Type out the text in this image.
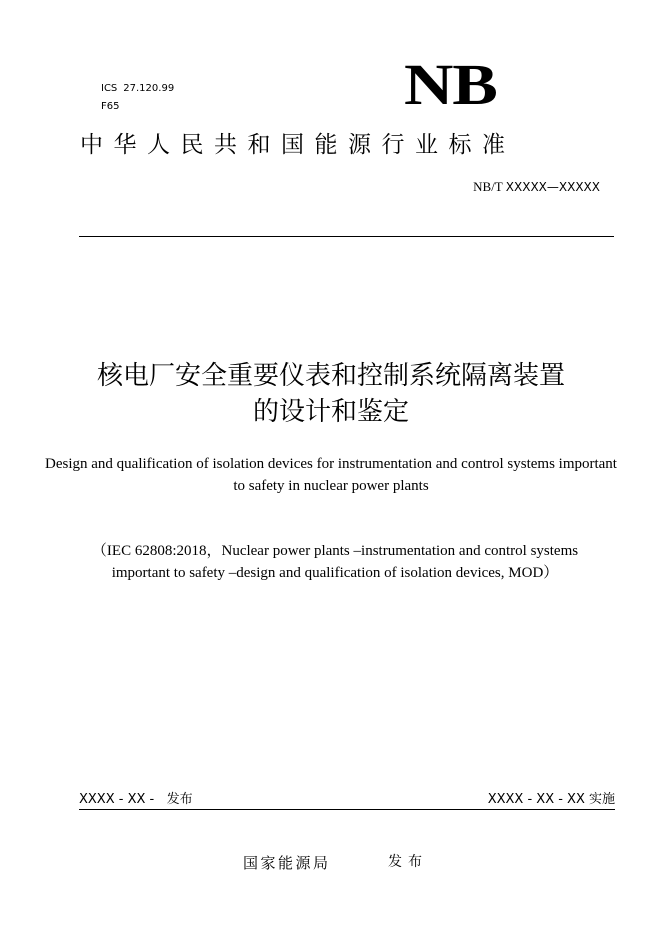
ICS 27.120.99
F65	NB
中华人民共和国能源行业标准
NB/T XXXXX—XXXXX
核电厂安全重要仪表和控制系统隔离装置
的设计和鉴定
Design and qualification of isolation devices for instrumentation and control systems important to safety in nuclear power plants
（IEC 62808:2018，Nuclear power plants –instrumentation and control systems important to safety –design and qualification of isolation devices, MOD）
XXXX - XX -   发布	XXXX - XX - XX 实施
国家能源局	发布
